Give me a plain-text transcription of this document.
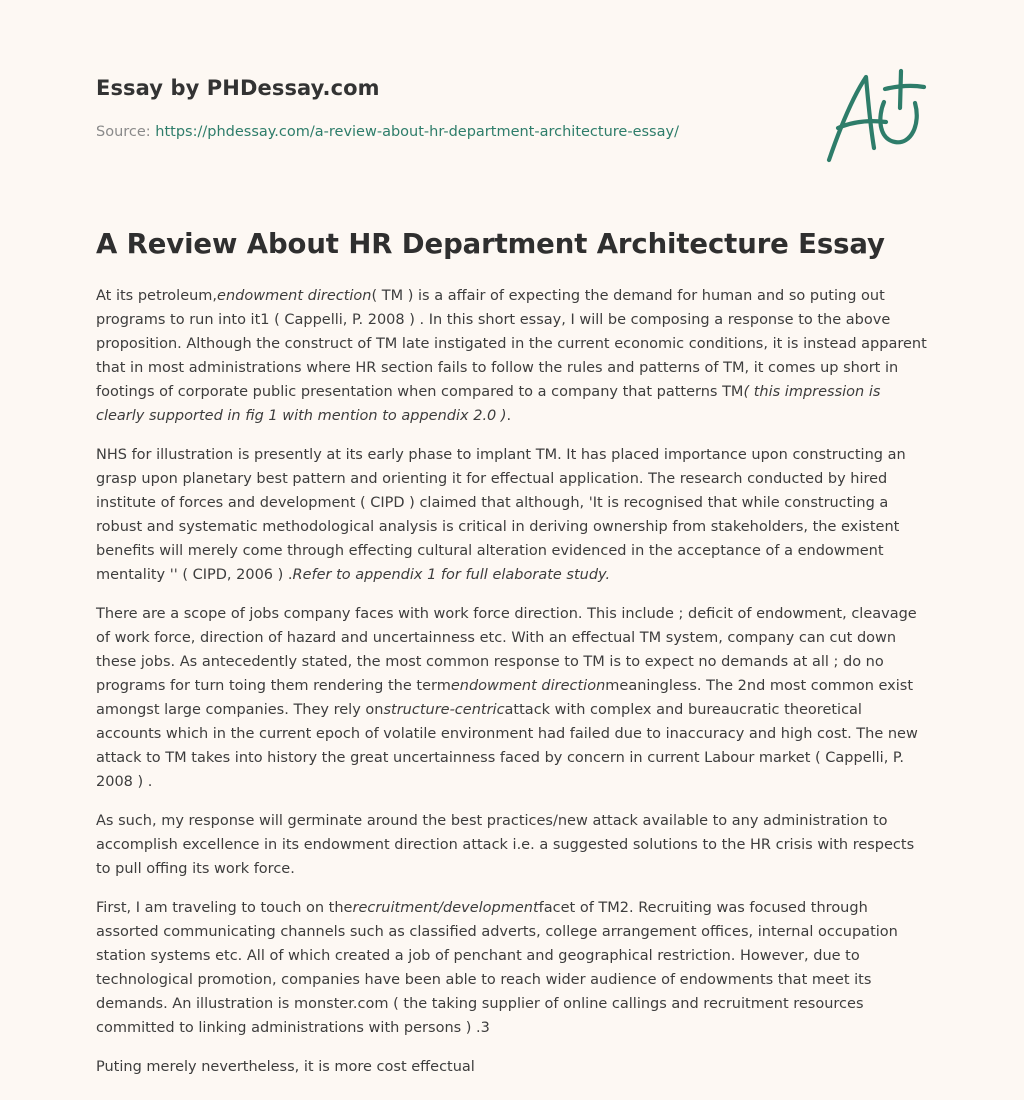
Essay by PHDessay.com
Source: https://phdessay.com/a-review-about-hr-department-architecture-essay/
A Review About HR Department Architecture Essay

At its petroleum,endowment direction( TM ) is a affair of expecting the demand for human and so puting out programs to run into it1 ( Cappelli, P. 2008 ) . In this short essay, I will be composing a response to the above proposition. Although the construct of TM late instigated in the current economic conditions, it is instead apparent that in most administrations where HR section fails to follow the rules and patterns of TM, it comes up short in footings of corporate public presentation when compared to a company that patterns TM( this impression is clearly supported in fig 1 with mention to appendix 2.0 ).

NHS for illustration is presently at its early phase to implant TM. It has placed importance upon constructing an grasp upon planetary best pattern and orienting it for effectual application. The research conducted by hired institute of forces and development ( CIPD ) claimed that although, 'It is recognised that while constructing a robust and systematic methodological analysis is critical in deriving ownership from stakeholders, the existent benefits will merely come through effecting cultural alteration evidenced in the acceptance of a endowment mentality '' ( CIPD, 2006 ) .Refer to appendix 1 for full elaborate study.

There are a scope of jobs company faces with work force direction. This include ; deficit of endowment, cleavage of work force, direction of hazard and uncertainness etc. With an effectual TM system, company can cut down these jobs. As antecedently stated, the most common response to TM is to expect no demands at all ; do no programs for turn toing them rendering the termendowment directionmeaningless. The 2nd most common exist amongst large companies. They rely onstructure-centricattack with complex and bureaucratic theoretical accounts which in the current epoch of volatile environment had failed due to inaccuracy and high cost. The new attack to TM takes into history the great uncertainness faced by concern in current Labour market ( Cappelli, P. 2008 ) .

As such, my response will germinate around the best practices/new attack available to any administration to accomplish excellence in its endowment direction attack i.e. a suggested solutions to the HR crisis with respects to pull offing its work force.

First, I am traveling to touch on therecruitment/developmentfacet of TM2. Recruiting was focused through assorted communicating channels such as classified adverts, college arrangement offices, internal occupation station systems etc. All of which created a job of penchant and geographical restriction. However, due to technological promotion, companies have been able to reach wider audience of endowments that meet its demands. An illustration is monster.com ( the taking supplier of online callings and recruitment resources committed to linking administrations with persons ) .3

Puting merely nevertheless, it is more cost effectual
